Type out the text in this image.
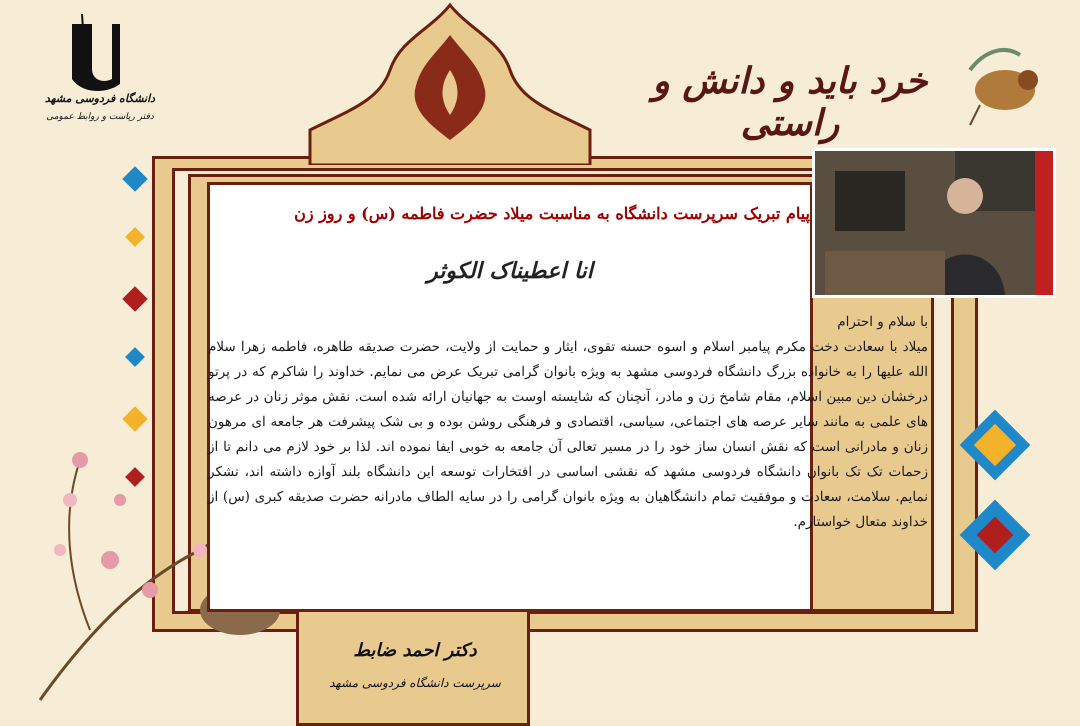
دانشگاه فردوسی مشهد
دفتر ریاست و روابط عمومی
خرد باید و دانش و راستی
پیام تبریک سرپرست دانشگاه به مناسبت میلاد حضرت فاطمه (س) و روز زن
انا اعطیناک الکوثر

با سلام و احترام

میلاد با سعادت دخت مکرم پیامبر اسلام و اسوه حسنه تقوی، ایثار و حمایت از ولایت، حضرت صدیقه طاهره، فاطمه زهرا سلام الله علیها را به خانواده بزرگ دانشگاه فردوسی مشهد به ویژه بانوان گرامی تبریک عرض می نمایم. خداوند را شاکرم که در پرتو درخشان دین مبین اسلام، مقام شامخ زن و مادر، آنچنان که شایسته اوست به جهانیان ارائه شده است. نقش موثر زنان در عرصه های علمی به مانند سایر عرصه های اجتماعی، سیاسی، اقتصادی و فرهنگی روشن بوده و بی شک پیشرفت هر جامعه ای مرهون زنان و مادرانی است که نقش انسان ساز خود را در مسیر تعالی آن جامعه به خوبی ایفا نموده اند. لذا بر خود لازم می دانم تا از زحمات تک تک بانوان دانشگاه فردوسی مشهد که نقشی اساسی در افتخارات توسعه این دانشگاه بلند آوازه داشته اند، تشکر نمایم. سلامت، سعادت و موفقیت تمام دانشگاهیان به ویژه بانوان گرامی را در سایه الطاف مادرانه حضرت صدیقه کبری (س) از خداوند متعال خواستارم.

دکتر احمد ضابط
سرپرست دانشگاه فردوسی مشهد
